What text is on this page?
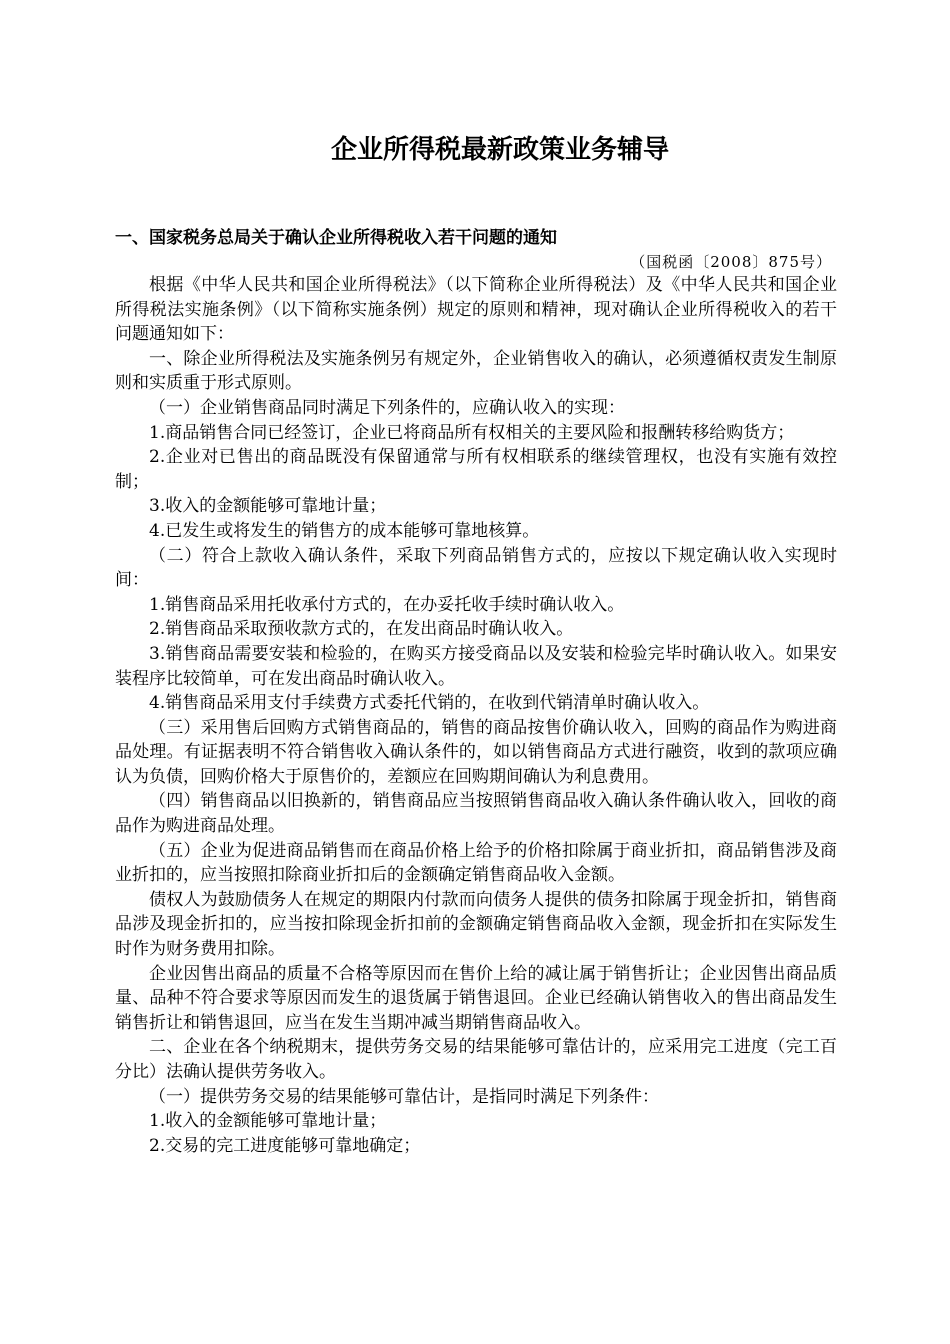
企业所得税最新政策业务辅导
一、国家税务总局关于确认企业所得税收入若干问题的通知
（国税函〔2008〕875号）

根据《中华人民共和国企业所得税法》（以下简称企业所得税法）及《中华人民共和国企业所得税法实施条例》（以下简称实施条例）规定的原则和精神，现对确认企业所得税收入的若干问题通知如下：

一、除企业所得税法及实施条例另有规定外，企业销售收入的确认，必须遵循权责发生制原则和实质重于形式原则。

（一）企业销售商品同时满足下列条件的，应确认收入的实现：

1.商品销售合同已经签订，企业已将商品所有权相关的主要风险和报酬转移给购货方；

2.企业对已售出的商品既没有保留通常与所有权相联系的继续管理权，也没有实施有效控制；

3.收入的金额能够可靠地计量；

4.已发生或将发生的销售方的成本能够可靠地核算。

（二）符合上款收入确认条件，采取下列商品销售方式的，应按以下规定确认收入实现时间：

1.销售商品采用托收承付方式的，在办妥托收手续时确认收入。

2.销售商品采取预收款方式的，在发出商品时确认收入。

3.销售商品需要安装和检验的，在购买方接受商品以及安装和检验完毕时确认收入。如果安装程序比较简单，可在发出商品时确认收入。

4.销售商品采用支付手续费方式委托代销的，在收到代销清单时确认收入。

（三）采用售后回购方式销售商品的，销售的商品按售价确认收入，回购的商品作为购进商品处理。有证据表明不符合销售收入确认条件的，如以销售商品方式进行融资，收到的款项应确认为负债，回购价格大于原售价的，差额应在回购期间确认为利息费用。

（四）销售商品以旧换新的，销售商品应当按照销售商品收入确认条件确认收入，回收的商品作为购进商品处理。

（五）企业为促进商品销售而在商品价格上给予的价格扣除属于商业折扣，商品销售涉及商业折扣的，应当按照扣除商业折扣后的金额确定销售商品收入金额。

债权人为鼓励债务人在规定的期限内付款而向债务人提供的债务扣除属于现金折扣，销售商品涉及现金折扣的，应当按扣除现金折扣前的金额确定销售商品收入金额，现金折扣在实际发生时作为财务费用扣除。

企业因售出商品的质量不合格等原因而在售价上给的减让属于销售折让；企业因售出商品质量、品种不符合要求等原因而发生的退货属于销售退回。企业已经确认销售收入的售出商品发生销售折让和销售退回，应当在发生当期冲减当期销售商品收入。

二、企业在各个纳税期末，提供劳务交易的结果能够可靠估计的，应采用完工进度（完工百分比）法确认提供劳务收入。

（一）提供劳务交易的结果能够可靠估计，是指同时满足下列条件：

1.收入的金额能够可靠地计量；

2.交易的完工进度能够可靠地确定；
